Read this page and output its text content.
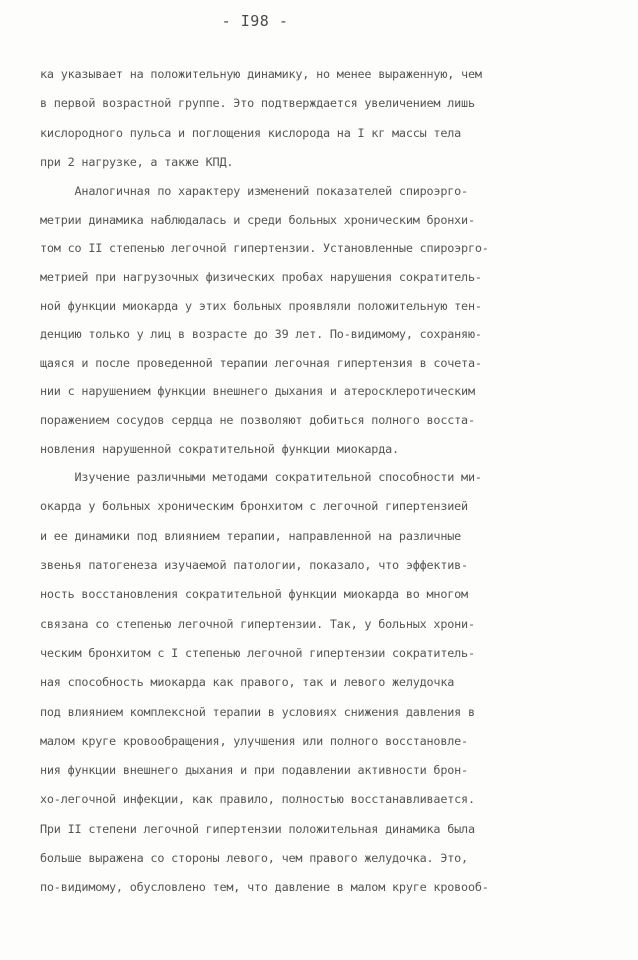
- I98 -
ка указывает на положительную динамику, но менее выраженную, чем
в первой возрастной группе. Это подтверждается увеличением лишь
кислородного пульса и поглощения кислорода на I кг массы тела
при 2 нагрузке, а также КПД.
Аналогичная по характеру изменений показателей спироэрго-
метрии динамика наблюдалась и среди больных хроническим бронхи-
том со II степенью легочной гипертензии. Установленные спироэрго-
метрией при нагрузочных физических пробах нарушения сократитель-
ной функции миокарда у этих больных проявляли положительную тен-
денцию только у лиц в возрасте до 39 лет. По-видимому, сохраняю-
щаяся и после проведенной терапии легочная гипертензия в сочета-
нии с нарушением функции внешнего дыхания и атеросклеротическим
поражением сосудов сердца не позволяют добиться полного восста-
новления нарушенной сократительной функции миокарда.
Изучение различными методами сократительной способности ми-
окарда у больных хроническим бронхитом с легочной гипертензией
и ее динамики под влиянием терапии, направленной на различные
звенья патогенеза изучаемой патологии, показало, что эффектив-
ность восстановления сократительной функции миокарда во многом
связана со степенью легочной гипертензии. Так, у больных хрони-
ческим бронхитом с I степенью легочной гипертензии сократитель-
ная способность миокарда как правого, так и левого желудочка
под влиянием комплексной терапии в условиях снижения давления в
малом круге кровообращения, улучшения или полного восстановле-
ния функции внешнего дыхания и при подавлении активности брон-
хо-легочной инфекции, как правило, полностью восстанавливается.
При II степени легочной гипертензии положительная динамика была
больше выражена со стороны левого, чем правого желудочка. Это,
по-видимому, обусловлено тем, что давление в малом круге кровооб-
